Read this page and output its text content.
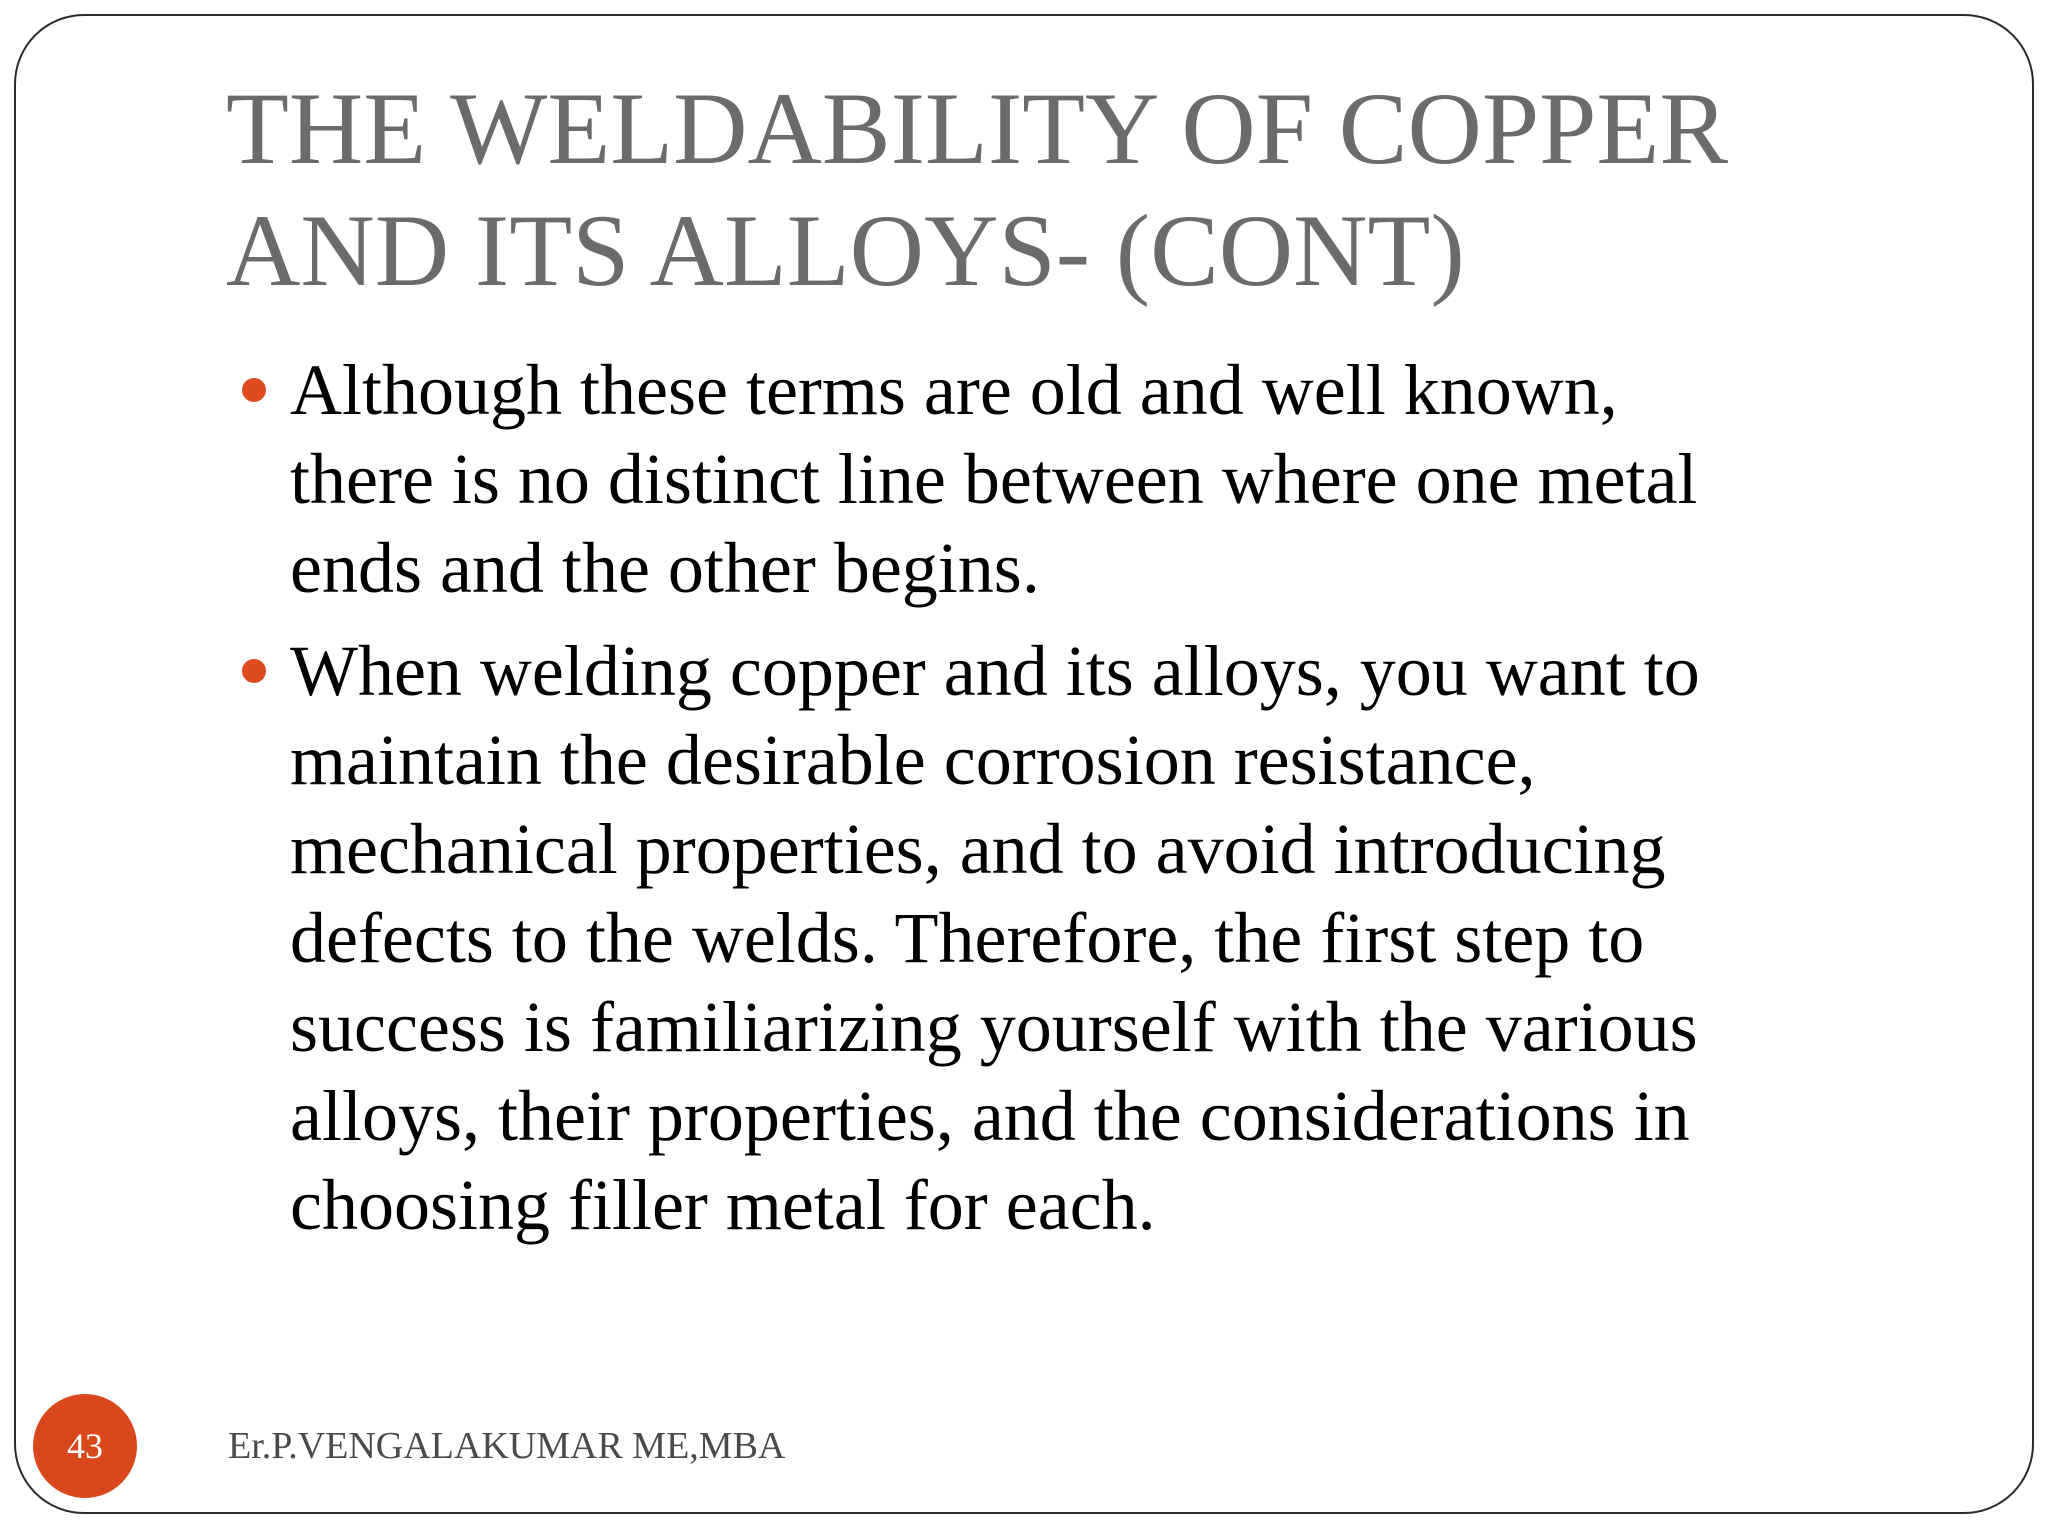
THE WELDABILITY OF COPPER
AND ITS ALLOYS- (CONT)
Although these terms are old and well known,
there is no distinct line between where one metal
ends and the other begins.
When welding copper and its alloys, you want to
maintain the desirable corrosion resistance,
mechanical properties, and to avoid introducing
defects to the welds. Therefore, the first step to
success is familiarizing yourself with the various
alloys, their properties, and the considerations in
choosing filler metal for each.
43	Er.P.VENGALAKUMAR ME,MBA
